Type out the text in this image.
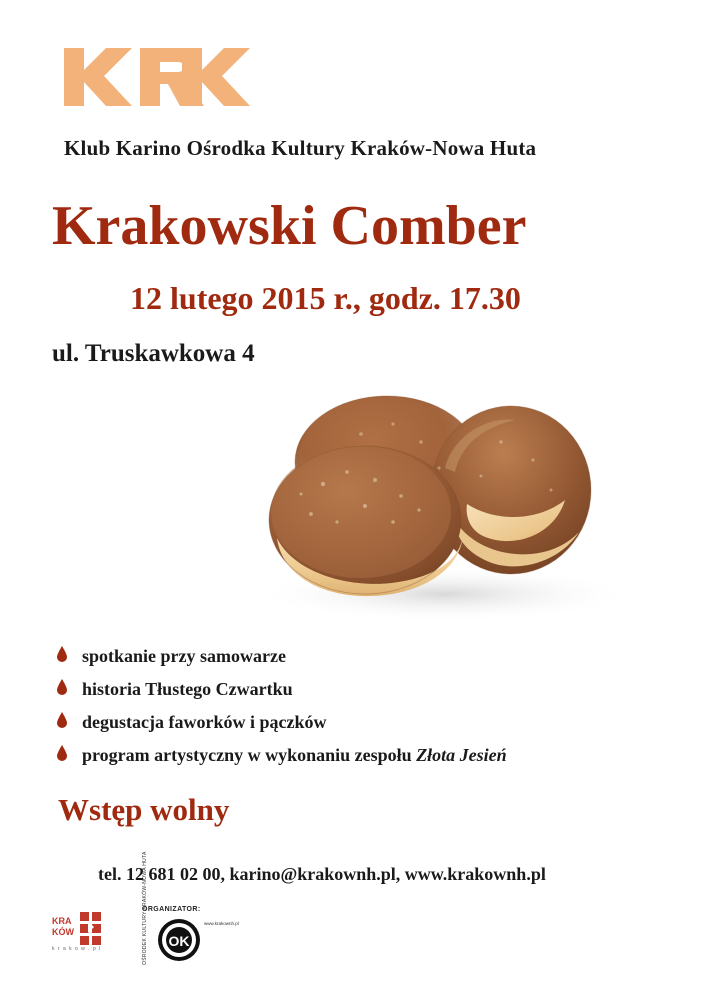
Klub Karino Ośrodka Kultury Kraków-Nowa Huta
Krakowski Comber
12 lutego 2015 r., godz. 17.30
ul. Truskawkowa 4
spotkanie przy samowarze
historia Tłustego Czwartku
degustacja faworków i pączków
program artystyczny w wykonaniu zespołu Złota Jesień
Wstęp wolny
tel. 12 681 02 00, karino@krakownh.pl, www.krakownh.pl
KRA
KÓW
k r a k o w . p l
ORGANIZATOR:
OŚRODEK KULTURY KRAKÓW-NOWA HUTA OK
www.krakownh.pl
